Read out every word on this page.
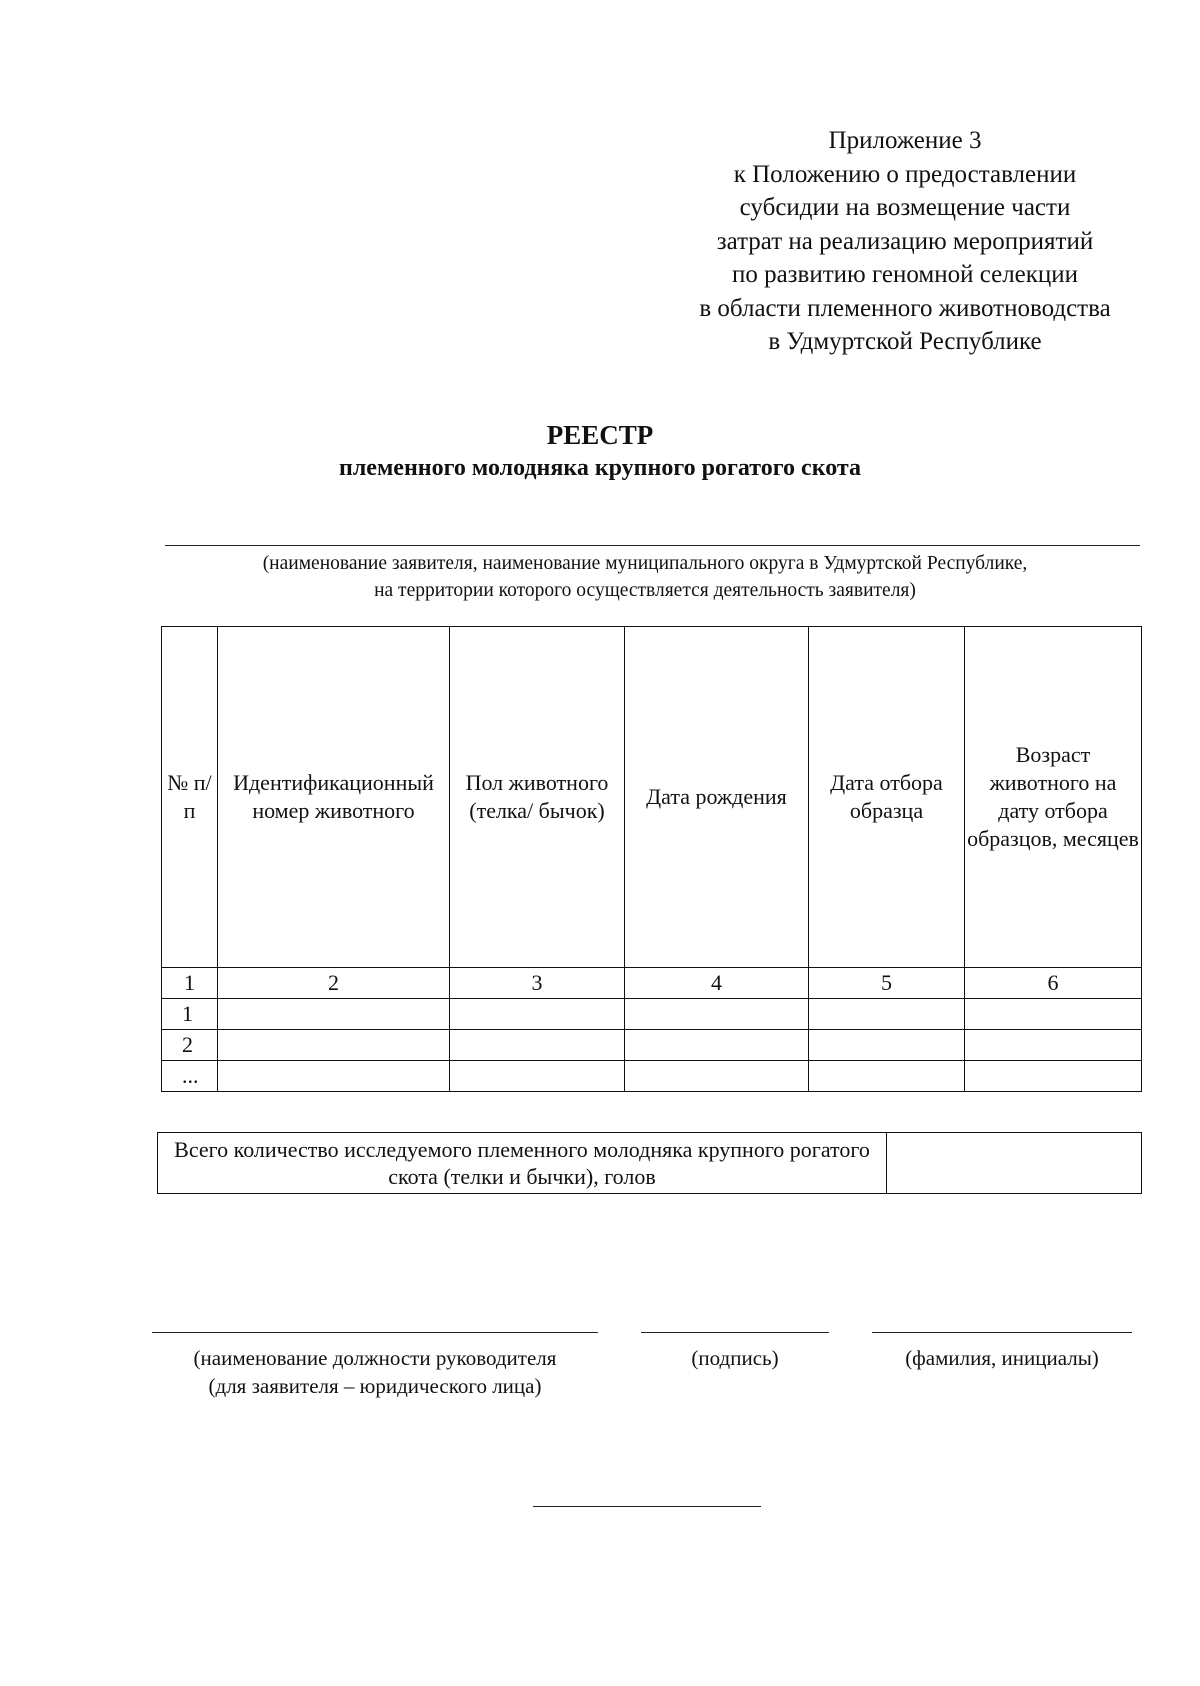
Приложение 3
к Положению о предоставлении
субсидии на возмещение части
затрат на реализацию мероприятий
по развитию геномной селекции
в области племенного животноводства
в Удмуртской Республике
РЕЕСТР
племенного молодняка крупного рогатого скота
(наименование заявителя, наименование муниципального округа в Удмуртской Республике,
на территории которого осуществляется деятельность заявителя)
№ п/п	Идентификационный номер животного	Пол животного (телка/ бычок)	Дата рождения	Дата отбора образца	Возраст животного на дату отбора образцов, месяцев
1	2	3	4	5	6
1					
2					
...					
Всего количество исследуемого племенного молодняка крупного рогатого скота (телки и бычки), голов	
(наименование должности руководителя
(для заявителя – юридического лица)
(подпись)	(фамилия, инициалы)
